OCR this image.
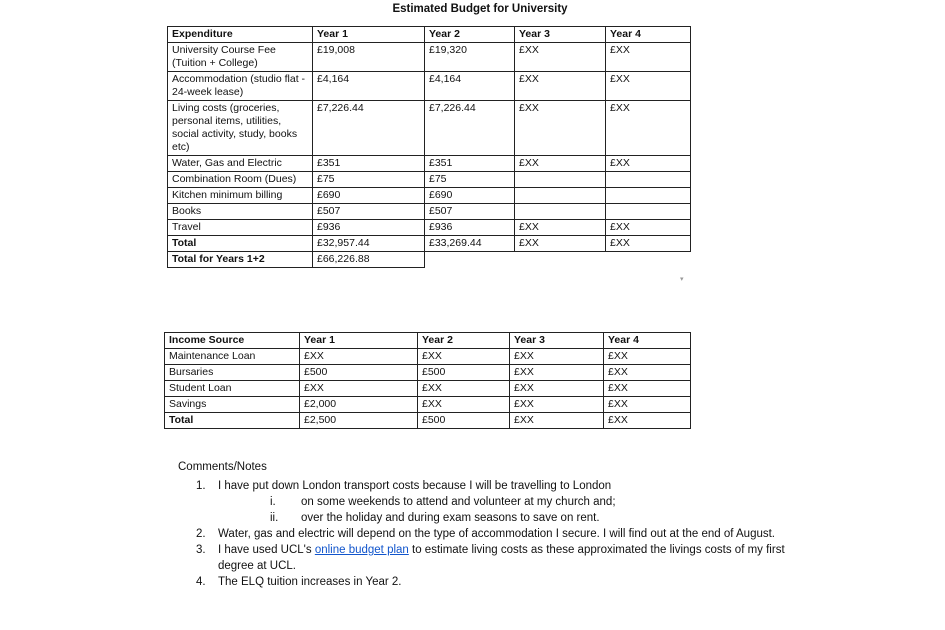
Estimated Budget for University
Expenditure	Year 1	Year 2	Year 3	Year 4
University Course Fee (Tuition + College)	£19,008	£19,320	£XX	£XX
Accommodation (studio flat - 24-week lease)	£4,164	£4,164	£XX	£XX
Living costs (groceries, personal items, utilities, social activity, study, books etc)	£7,226.44	£7,226.44	£XX	£XX
Water, Gas and Electric	£351	£351	£XX	£XX
Combination Room (Dues)	£75	£75		
Kitchen minimum billing	£690	£690		
Books	£507	£507		
Travel	£936	£936	£XX	£XX
Total	£32,957.44	£33,269.44	£XX	£XX
Total for Years 1+2	£66,226.88			
▾
Income Source	Year 1	Year 2	Year 3	Year 4
Maintenance Loan	£XX	£XX	£XX	£XX
Bursaries	£500	£500	£XX	£XX
Student Loan	£XX	£XX	£XX	£XX
Savings	£2,000	£XX	£XX	£XX
Total	£2,500	£500	£XX	£XX
Comments/Notes
1. I have put down London transport costs because I will be travelling to London
i. on some weekends to attend and volunteer at my church and;
ii. over the holiday and during exam seasons to save on rent.
2. Water, gas and electric will depend on the type of accommodation I secure. I will find out at the end of August.
3. I have used UCL's online budget plan to estimate living costs as these approximated the livings costs of my first degree at UCL.
4. The ELQ tuition increases in Year 2.
